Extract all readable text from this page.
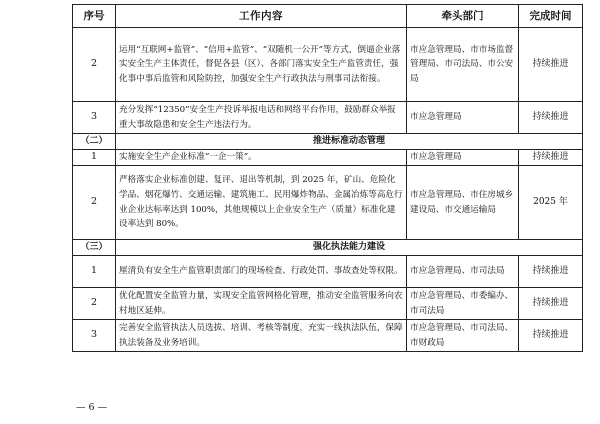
序号	工作内容	牵头部门	完成时间
2	运用“互联网+监管”、“信用+监管”、“双随机一公开”等方式，倒逼企业落实安全生产主体责任，督促各县（区）、各部门落实安全生产监管责任，强化事中事后监管和风险防控，加强安全生产行政执法与刑事司法衔接。	市应急管理局、市市场监督管理局、市司法局、市公安局	持续推进
3	充分发挥“12350”安全生产投诉举报电话和网络平台作用，鼓励群众举报重大事故隐患和安全生产违法行为。	市应急管理局	持续推进
（二）	推进标准动态管理		
1	实施安全生产企业标准“一企一策”。	市应急管理局	持续推进
2	严格落实企业标准创建、复评、退出等机制，到 2025 年，矿山、危险化学品、烟花爆竹、交通运输、建筑施工、民用爆炸物品、金属冶炼等高危行业企业达标率达到 100%，其他规模以上企业安全生产（质量）标准化建设率达到 80%。	市应急管理局、市住房城乡建设局、市交通运输局	2025 年
（三）	强化执法能力建设		
1	厘清负有安全生产监管职责部门的现场检查、行政处罚、事故查处等权限。	市应急管理局、市司法局	持续推进
2	优化配置安全监管力量，实现安全监管网格化管理，推动安全监管服务向农村地区延伸。	市应急管理局、市委编办、市司法局	持续推进
3	完善安全监管执法人员选拔、培训、考核等制度，充实一线执法队伍，保障执法装备及业务培训。	市应急管理局、市司法局、市财政局	持续推进
— 6 —
